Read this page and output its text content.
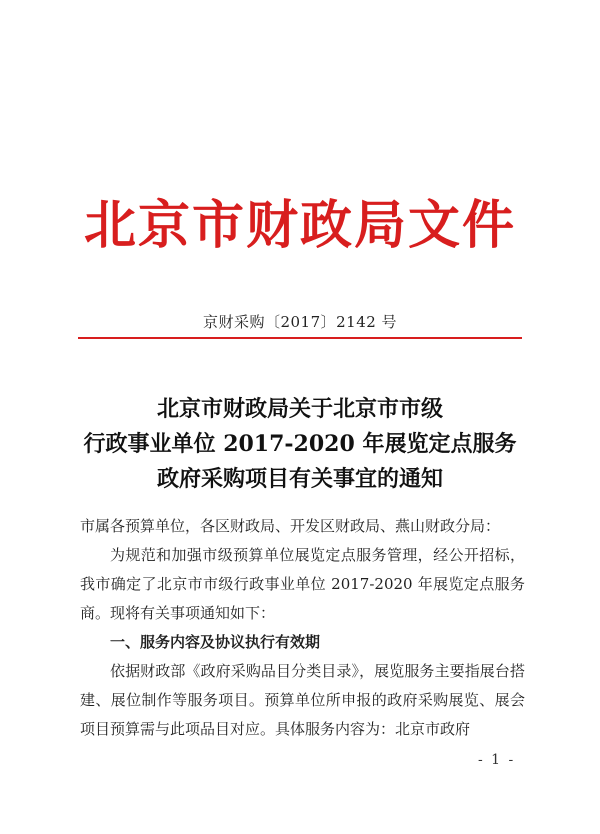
北京市财政局文件
京财采购〔2017〕2142 号
北京市财政局关于北京市市级
行政事业单位 2017-2020 年展览定点服务
政府采购项目有关事宜的通知

市属各预算单位，各区财政局、开发区财政局、燕山财政分局：

为规范和加强市级预算单位展览定点服务管理，经公开招标，我市确定了北京市市级行政事业单位 2017-2020 年展览定点服务商。现将有关事项通知如下：

一、服务内容及协议执行有效期

依据财政部《政府采购品目分类目录》，展览服务主要指展台搭建、展位制作等服务项目。预算单位所申报的政府采购展览、展会项目预算需与此项品目对应。具体服务内容为：北京市政府

- 1 -
